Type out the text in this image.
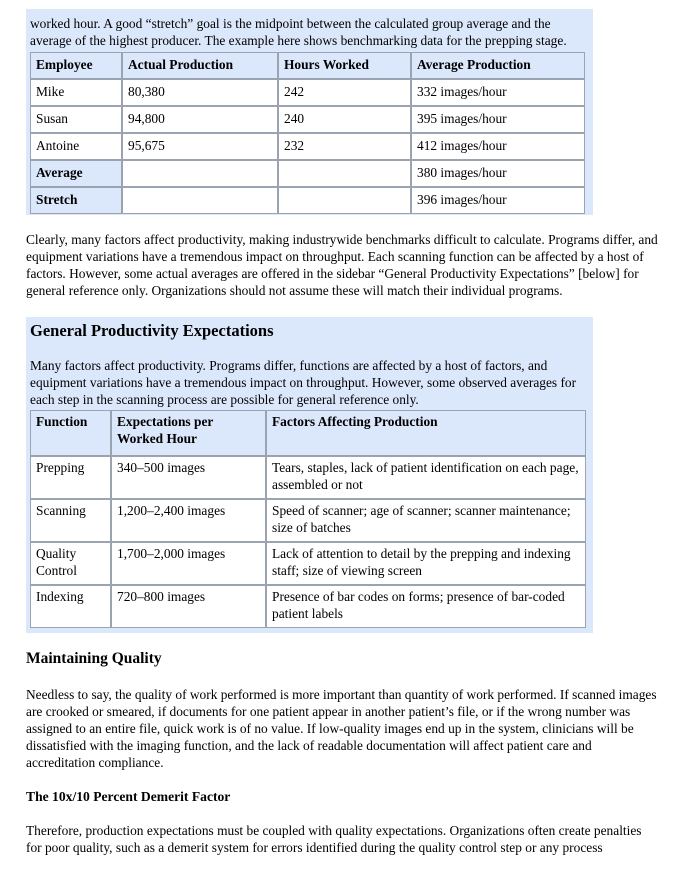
worked hour. A good “stretch” goal is the midpoint between the calculated group average and the average of the highest producer. The example here shows benchmarking data for the prepping stage.

Employee	Actual Production	Hours Worked	Average Production
Mike	80,380	242	332 images/hour
Susan	94,800	240	395 images/hour
Antoine	95,675	232	412 images/hour
Average			380 images/hour
Stretch			396 images/hour

Clearly, many factors affect productivity, making industrywide benchmarks difficult to calculate. Programs differ, and equipment variations have a tremendous impact on throughput. Each scanning function can be affected by a host of factors. However, some actual averages are offered in the sidebar “General Productivity Expectations” [below] for general reference only. Organizations should not assume these will match their individual programs.

General Productivity Expectations

Many factors affect productivity. Programs differ, functions are affected by a host of factors, and equipment variations have a tremendous impact on throughput. However, some observed averages for each step in the scanning process are possible for general reference only.

Function	Expectations per Worked Hour	Factors Affecting Production
Prepping	340–500 images	Tears, staples, lack of patient identification on each page, assembled or not
Scanning	1,200–2,400 images	Speed of scanner; age of scanner; scanner maintenance; size of batches
Quality Control	1,700–2,000 images	Lack of attention to detail by the prepping and indexing staff; size of viewing screen
Indexing	720–800 images	Presence of bar codes on forms; presence of bar-coded patient labels
Maintaining Quality

Needless to say, the quality of work performed is more important than quantity of work performed. If scanned images are crooked or smeared, if documents for one patient appear in another patient’s file, or if the wrong number was assigned to an entire file, quick work is of no value. If low-quality images end up in the system, clinicians will be dissatisfied with the imaging function, and the lack of readable documentation will affect patient care and accreditation compliance.

The 10x/10 Percent Demerit Factor

Therefore, production expectations must be coupled with quality expectations. Organizations often create penalties for poor quality, such as a demerit system for errors identified during the quality control step or any process
